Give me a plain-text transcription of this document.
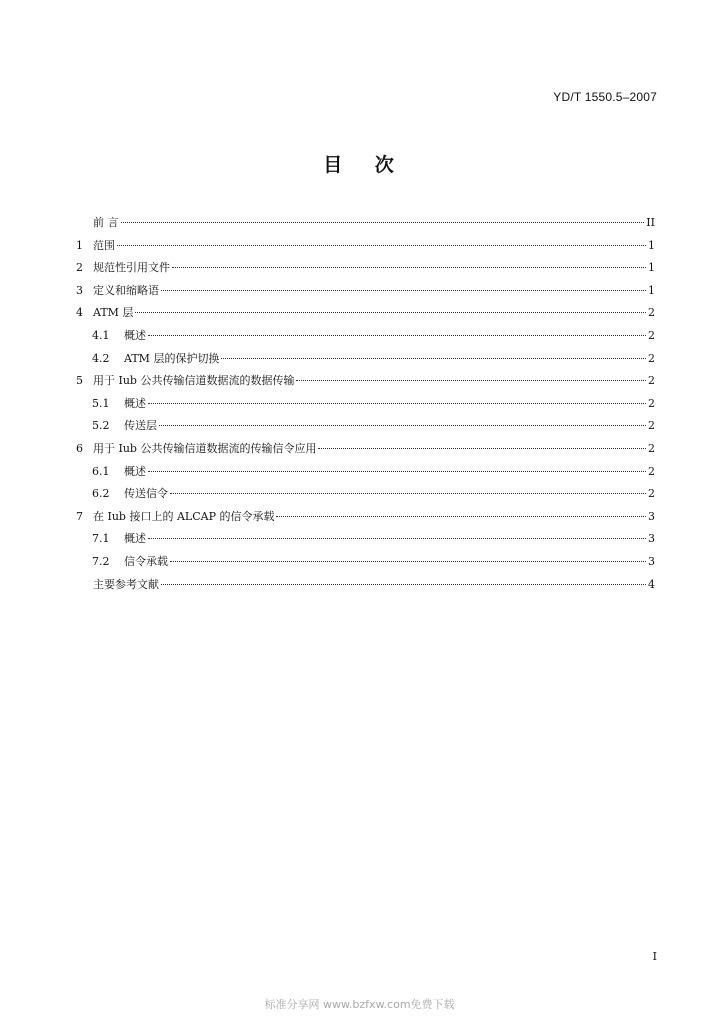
YD/T 1550.5–2007
目 次
前 言	II
1 范围	1
2 规范性引用文件	1
3 定义和缩略语	1
4 ATM 层	2
4.1	概述	2
4.2	ATM 层的保护切换	2
5 用于 Iub 公共传输信道数据流的数据传输	2
5.1	概述	2
5.2	传送层	2
6 用于 Iub 公共传输信道数据流的传输信令应用	2
6.1	概述	2
6.2	传送信令	2
7 在 Iub 接口上的 ALCAP 的信令承载	3
7.1	概述	3
7.2	信令承载	3
主要参考文献	4
I
标准分享网 www.bzfxw.com免费下载
